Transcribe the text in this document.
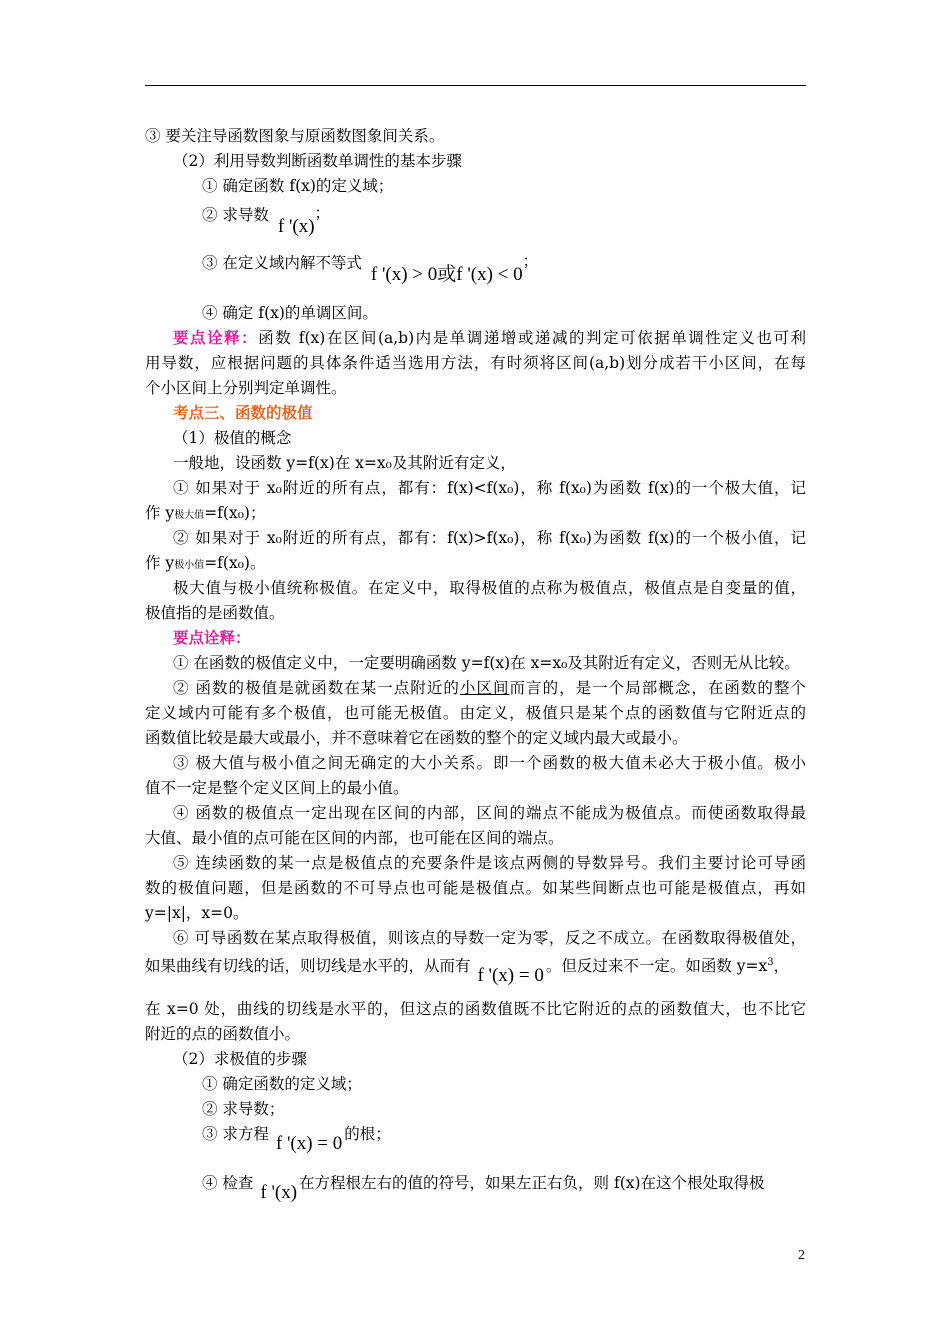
③ 要关注导函数图象与原函数图象间关系。
（2）利用导数判断函数单调性的基本步骤
① 确定函数 f(x)的定义域；
② 求导数 f '(x)；
③ 在定义域内解不等式 f '(x) > 0或f '(x) < 0；
④ 确定 f(x)的单调区间。
要点诠释：函数 f(x)在区间(a,b)内是单调递增或递减的判定可依据单调性定义也可利
用导数，应根据问题的具体条件适当选用方法，有时须将区间(a,b)划分成若干小区间，在每
个小区间上分别判定单调性。
考点三、函数的极值
（1）极值的概念
一般地，设函数 y=f(x)在 x=x₀及其附近有定义，
① 如果对于 x₀附近的所有点，都有：f(x)<f(x₀)，称 f(x₀)为函数 f(x)的一个极大值，记
作 y极大值=f(x₀)；
② 如果对于 x₀附近的所有点，都有：f(x)>f(x₀)，称 f(x₀)为函数 f(x)的一个极小值，记
作 y极小值=f(x₀)。
极大值与极小值统称极值。在定义中，取得极值的点称为极值点，极值点是自变量的值，
极值指的是函数值。
要点诠释：
① 在函数的极值定义中，一定要明确函数 y=f(x)在 x=x₀及其附近有定义，否则无从比较。
② 函数的极值是就函数在某一点附近的小区间而言的，是一个局部概念，在函数的整个
定义域内可能有多个极值，也可能无极值。由定义，极值只是某个点的函数值与它附近点的
函数值比较是最大或最小，并不意味着它在函数的整个的定义域内最大或最小。
③ 极大值与极小值之间无确定的大小关系。即一个函数的极大值未必大于极小值。极小
值不一定是整个定义区间上的最小值。
④ 函数的极值点一定出现在区间的内部，区间的端点不能成为极值点。而使函数取得最
大值、最小值的点可能在区间的内部，也可能在区间的端点。
⑤ 连续函数的某一点是极值点的充要条件是该点两侧的导数异号。我们主要讨论可导函
数的极值问题，但是函数的不可导点也可能是极值点。如某些间断点也可能是极值点，再如
y=|x|，x=0。
⑥ 可导函数在某点取得极值，则该点的导数一定为零，反之不成立。在函数取得极值处，
如果曲线有切线的话，则切线是水平的，从而有 f '(x) = 0 。但反过来不一定。如函数 $y=x^3$，
在 x=0 处，曲线的切线是水平的，但这点的函数值既不比它附近的点的函数值大，也不比它
附近的点的函数值小。
（2）求极值的步骤
① 确定函数的定义域；
② 求导数；
③ 求方程 f '(x) = 0 的根；
④ 检查 f '(x) 在方程根左右的值的符号，如果左正右负，则 f(x)在这个根处取得极
2
